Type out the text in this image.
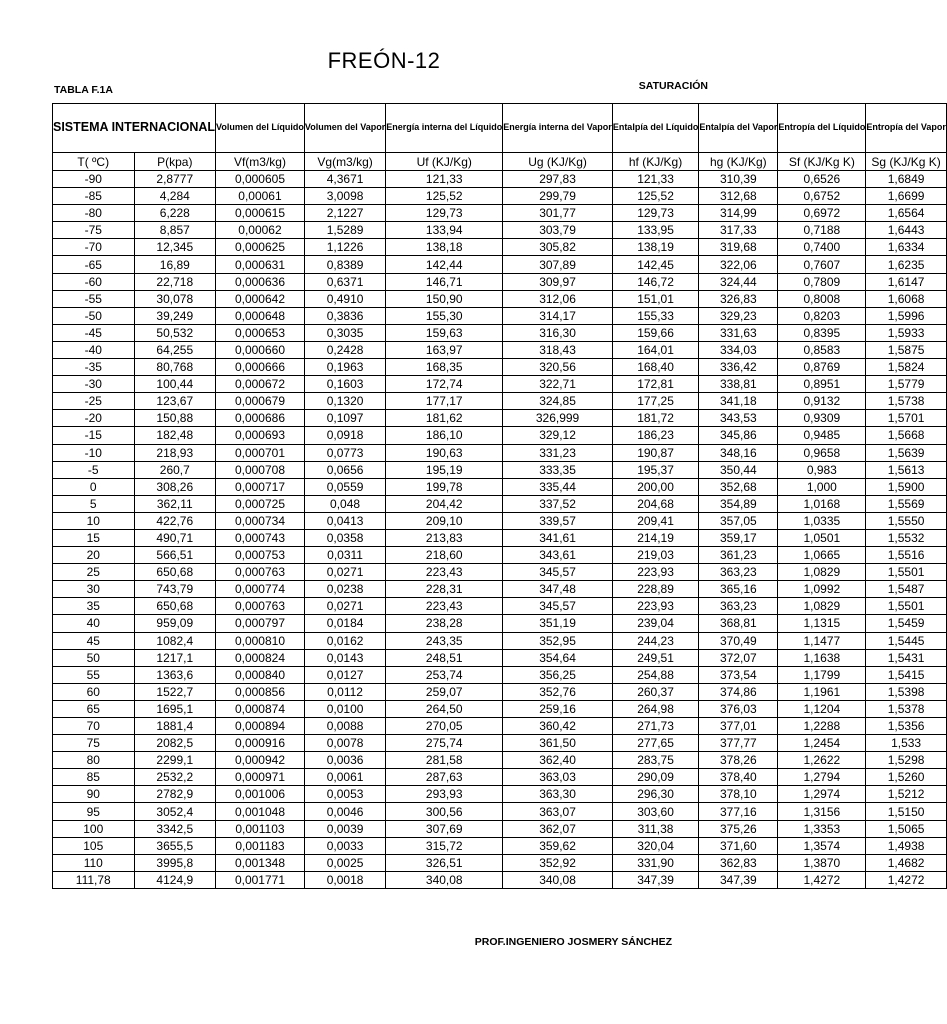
FREÓN-12
TABLA F.1A	SATURACIÓN
SISTEMA INTERNACIONAL		Volumen del Líquido	Volumen del Vapor	Energía interna del Líquido	Energía interna del Vapor	Entalpía del Líquido	Entalpía del Vapor	Entropía del Líquido	Entropía del Vapor
T( ºC)	P(kpa)	Vf(m3/kg)	Vg(m3/kg)	Uf (KJ/Kg)	Ug (KJ/Kg)	hf (KJ/Kg)	hg (KJ/Kg)	Sf (KJ/Kg K)	Sg (KJ/Kg K)
-90	2,8777	0,000605	4,3671	121,33	297,83	121,33	310,39	0,6526	1,6849
-85	4,284	0,00061	3,0098	125,52	299,79	125,52	312,68	0,6752	1,6699
-80	6,228	0,000615	2,1227	129,73	301,77	129,73	314,99	0,6972	1,6564
-75	8,857	0,00062	1,5289	133,94	303,79	133,95	317,33	0,7188	1,6443
-70	12,345	0,000625	1,1226	138,18	305,82	138,19	319,68	0,7400	1,6334
-65	16,89	0,000631	0,8389	142,44	307,89	142,45	322,06	0,7607	1,6235
-60	22,718	0,000636	0,6371	146,71	309,97	146,72	324,44	0,7809	1,6147
-55	30,078	0,000642	0,4910	150,90	312,06	151,01	326,83	0,8008	1,6068
-50	39,249	0,000648	0,3836	155,30	314,17	155,33	329,23	0,8203	1,5996
-45	50,532	0,000653	0,3035	159,63	316,30	159,66	331,63	0,8395	1,5933
-40	64,255	0,000660	0,2428	163,97	318,43	164,01	334,03	0,8583	1,5875
-35	80,768	0,000666	0,1963	168,35	320,56	168,40	336,42	0,8769	1,5824
-30	100,44	0,000672	0,1603	172,74	322,71	172,81	338,81	0,8951	1,5779
-25	123,67	0,000679	0,1320	177,17	324,85	177,25	341,18	0,9132	1,5738
-20	150,88	0,000686	0,1097	181,62	326,999	181,72	343,53	0,9309	1,5701
-15	182,48	0,000693	0,0918	186,10	329,12	186,23	345,86	0,9485	1,5668
-10	218,93	0,000701	0,0773	190,63	331,23	190,87	348,16	0,9658	1,5639
-5	260,7	0,000708	0,0656	195,19	333,35	195,37	350,44	0,983	1,5613
0	308,26	0,000717	0,0559	199,78	335,44	200,00	352,68	1,000	1,5900
5	362,11	0,000725	0,048	204,42	337,52	204,68	354,89	1,0168	1,5569
10	422,76	0,000734	0,0413	209,10	339,57	209,41	357,05	1,0335	1,5550
15	490,71	0,000743	0,0358	213,83	341,61	214,19	359,17	1,0501	1,5532
20	566,51	0,000753	0,0311	218,60	343,61	219,03	361,23	1,0665	1,5516
25	650,68	0,000763	0,0271	223,43	345,57	223,93	363,23	1,0829	1,5501
30	743,79	0,000774	0,0238	228,31	347,48	228,89	365,16	1,0992	1,5487
35	650,68	0,000763	0,0271	223,43	345,57	223,93	363,23	1,0829	1,5501
40	959,09	0,000797	0,0184	238,28	351,19	239,04	368,81	1,1315	1,5459
45	1082,4	0,000810	0,0162	243,35	352,95	244,23	370,49	1,1477	1,5445
50	1217,1	0,000824	0,0143	248,51	354,64	249,51	372,07	1,1638	1,5431
55	1363,6	0,000840	0,0127	253,74	356,25	254,88	373,54	1,1799	1,5415
60	1522,7	0,000856	0,0112	259,07	352,76	260,37	374,86	1,1961	1,5398
65	1695,1	0,000874	0,0100	264,50	259,16	264,98	376,03	1,1204	1,5378
70	1881,4	0,000894	0,0088	270,05	360,42	271,73	377,01	1,2288	1,5356
75	2082,5	0,000916	0,0078	275,74	361,50	277,65	377,77	1,2454	1,533
80	2299,1	0,000942	0,0036	281,58	362,40	283,75	378,26	1,2622	1,5298
85	2532,2	0,000971	0,0061	287,63	363,03	290,09	378,40	1,2794	1,5260
90	2782,9	0,001006	0,0053	293,93	363,30	296,30	378,10	1,2974	1,5212
95	3052,4	0,001048	0,0046	300,56	363,07	303,60	377,16	1,3156	1,5150
100	3342,5	0,001103	0,0039	307,69	362,07	311,38	375,26	1,3353	1,5065
105	3655,5	0,001183	0,0033	315,72	359,62	320,04	371,60	1,3574	1,4938
110	3995,8	0,001348	0,0025	326,51	352,92	331,90	362,83	1,3870	1,4682
111,78	4124,9	0,001771	0,0018	340,08	340,08	347,39	347,39	1,4272	1,4272
PROF.INGENIERO JOSMERY SÁNCHEZ
